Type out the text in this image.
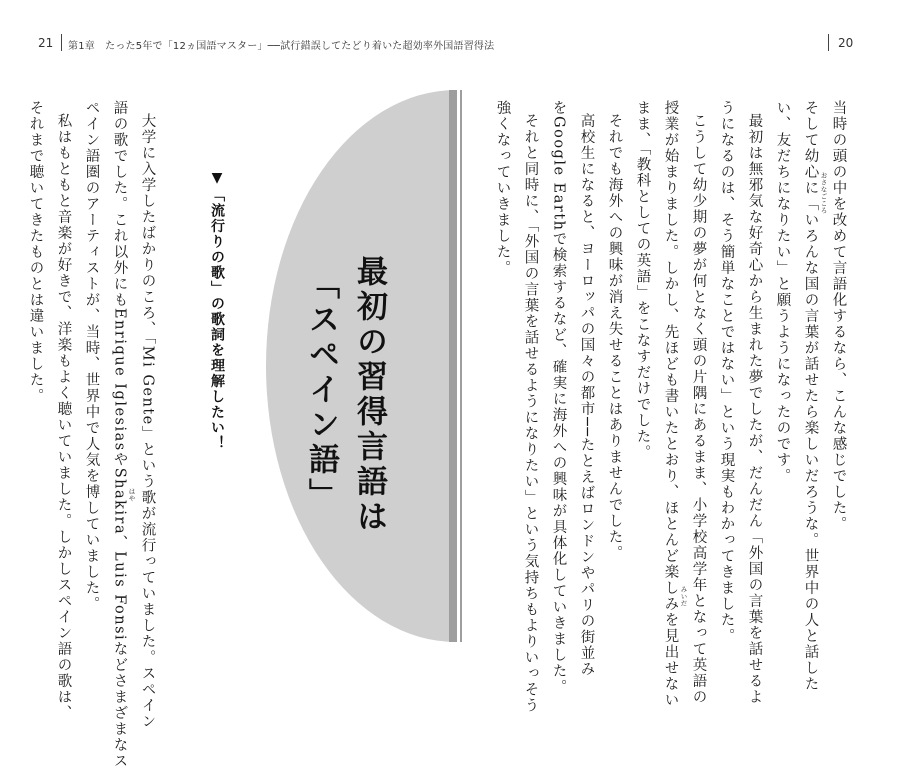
21 第1章　たった5年で「12ヵ国語マスター」──試行錯誤してたどり着いた超効率外国語習得法	20
最初の習得言語は
「スペイン語」	当時の頭の中を改めて言語化するなら、こんな感じでした。
そして幼心に「いろんな国の言葉が話せたら楽しいだろうな。世界中の人と話した
い、友だちになりたい」と願うようになったのです。
最初は無邪気な好奇心から生まれた夢でしたが、だんだん「外国の言葉を話せるよ
うになるのは、そう簡単なことではない」という現実もわかってきました。
こうして幼少期の夢が何となく頭の片隅にあるまま、小学校高学年となって英語の
授業が始まりました。しかし、先ほども書いたとおり、ほとんど楽しみを見出せない
まま、「教科としての英語」をこなすだけでした。
それでも海外への興味が消え失せることはありませんでした。
高校生になると、ヨーロッパの国々の都市──たとえばロンドンやパリの街並み
をGoogle Earthで検索するなど、確実に海外への興味が具体化していきました。
それと同時に、「外国の言葉を話せるようになりたい」という気持ちもよりいっそう
強くなっていきました。	おさなごころ
みいだ
はや
▼「流行りの歌」の歌詞を理解したい！
大学に入学したばかりのころ、「Mi Gente」という歌が流行っていました。スペイン
語の歌でした。これ以外にもEnrique IglesiasやShakira、Luis Fonsiなどさまざまなス
ペイン語圏のアーティストが、当時、世界中で人気を博していました。
私はもともと音楽が好きで、洋楽もよく聴いていました。しかしスペイン語の歌は、
それまで聴いてきたものとは違いました。
